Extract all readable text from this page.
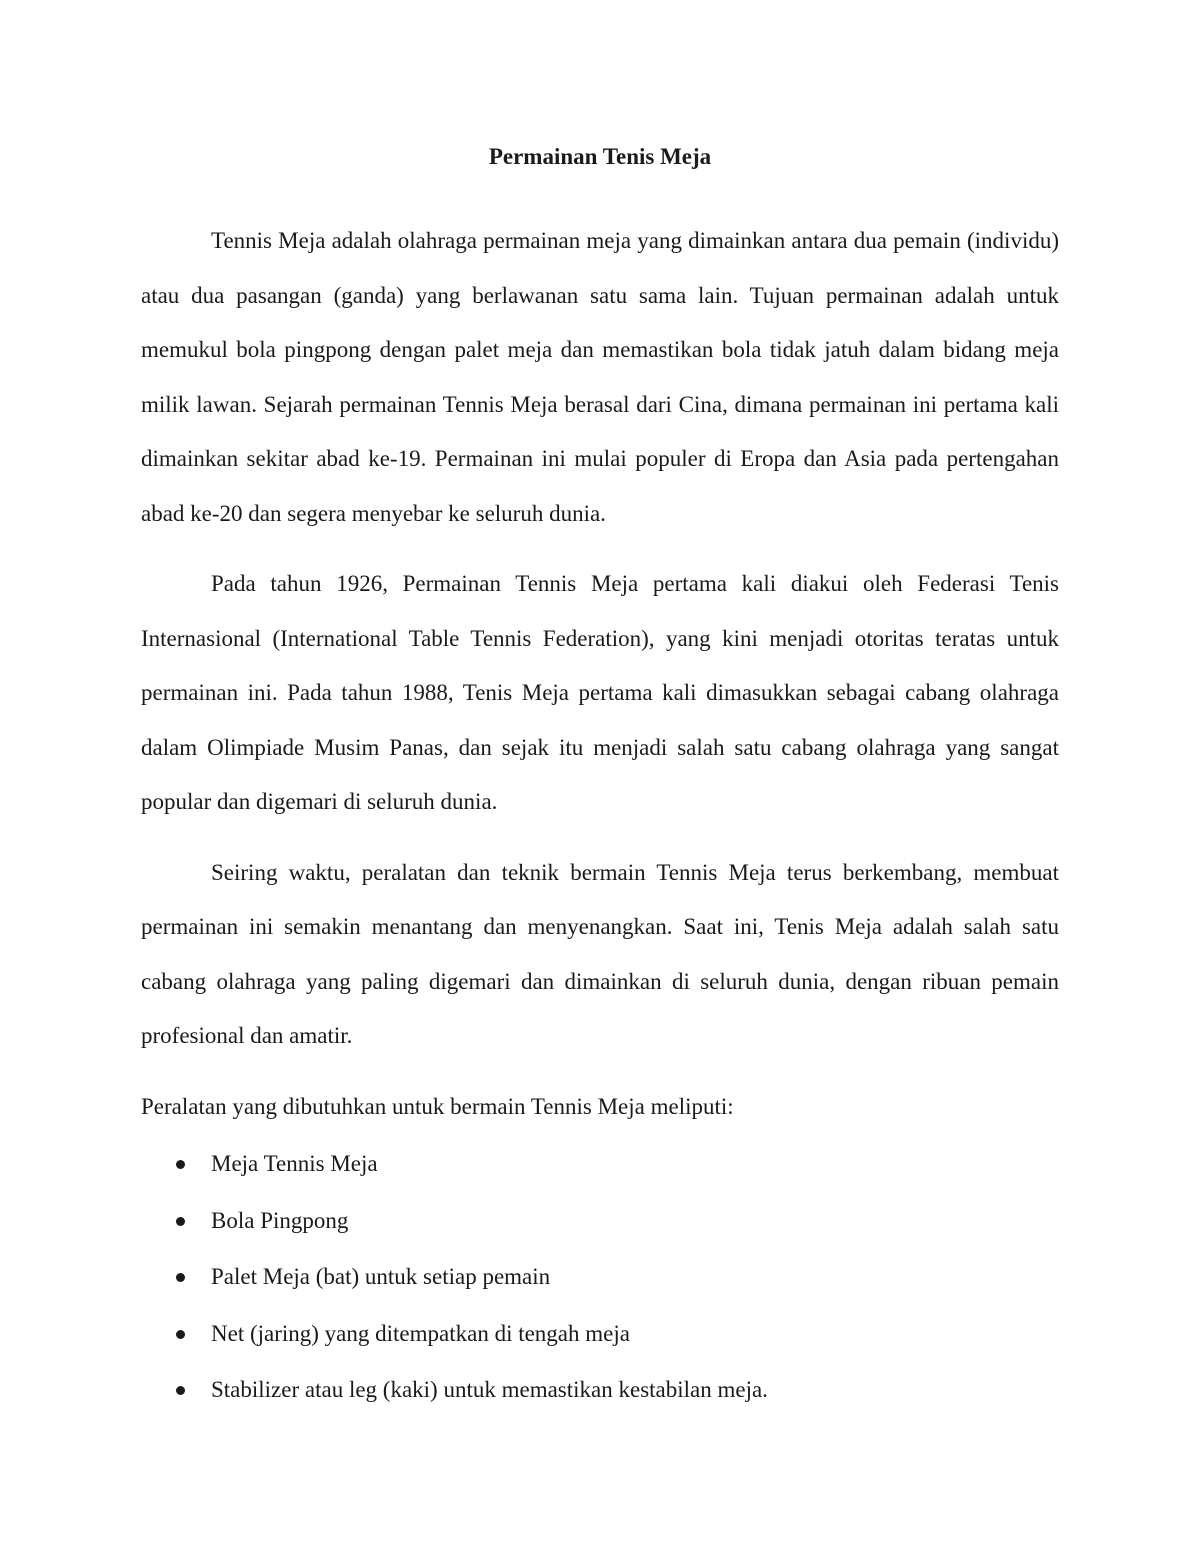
Permainan Tenis Meja

Tennis Meja adalah olahraga permainan meja yang dimainkan antara dua pemain (individu) atau dua pasangan (ganda) yang berlawanan satu sama lain. Tujuan permainan adalah untuk memukul bola pingpong dengan palet meja dan memastikan bola tidak jatuh dalam bidang meja milik lawan. Sejarah permainan Tennis Meja berasal dari Cina, dimana permainan ini pertama kali dimainkan sekitar abad ke-19. Permainan ini mulai populer di Eropa dan Asia pada pertengahan abad ke-20 dan segera menyebar ke seluruh dunia.

Pada tahun 1926, Permainan Tennis Meja pertama kali diakui oleh Federasi Tenis Internasional (International Table Tennis Federation), yang kini menjadi otoritas teratas untuk permainan ini. Pada tahun 1988, Tenis Meja pertama kali dimasukkan sebagai cabang olahraga dalam Olimpiade Musim Panas, dan sejak itu menjadi salah satu cabang olahraga yang sangat popular dan digemari di seluruh dunia.

Seiring waktu, peralatan dan teknik bermain Tennis Meja terus berkembang, membuat permainan ini semakin menantang dan menyenangkan. Saat ini, Tenis Meja adalah salah satu cabang olahraga yang paling digemari dan dimainkan di seluruh dunia, dengan ribuan pemain profesional dan amatir.

Peralatan yang dibutuhkan untuk bermain Tennis Meja meliputi:

Meja Tennis Meja
Bola Pingpong
Palet Meja (bat) untuk setiap pemain
Net (jaring) yang ditempatkan di tengah meja
Stabilizer atau leg (kaki) untuk memastikan kestabilan meja.
